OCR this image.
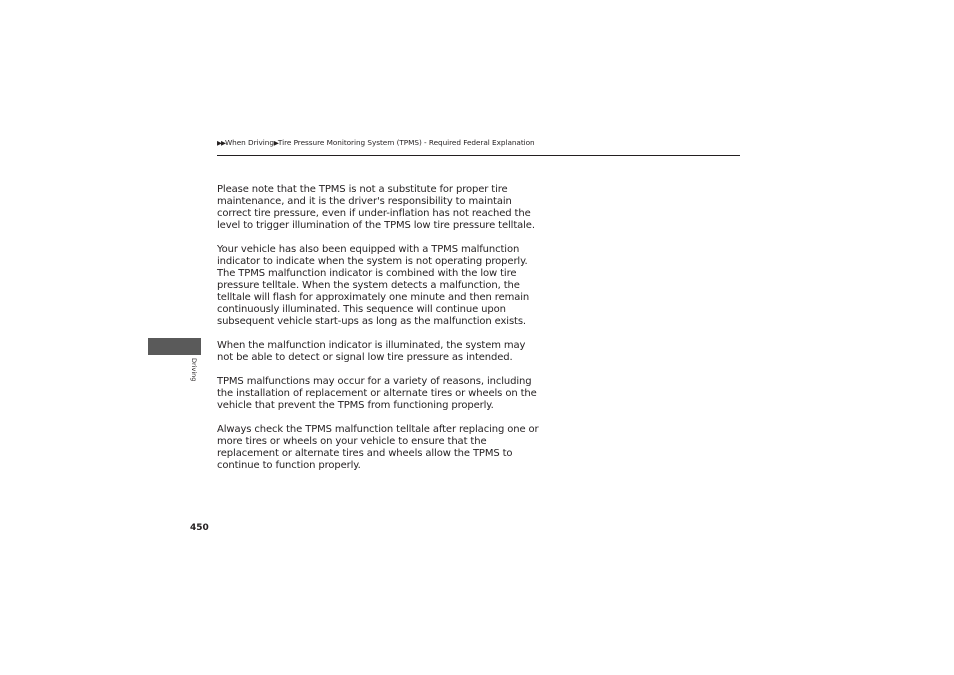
▶▶When Driving▶Tire Pressure Monitoring System (TPMS) - Required Federal Explanation
Driving

Please note that the TPMS is not a substitute for proper tire
maintenance, and it is the driver's responsibility to maintain
correct tire pressure, even if under-inflation has not reached the
level to trigger illumination of the TPMS low tire pressure telltale.

Your vehicle has also been equipped with a TPMS malfunction
indicator to indicate when the system is not operating properly.
The TPMS malfunction indicator is combined with the low tire
pressure telltale. When the system detects a malfunction, the
telltale will flash for approximately one minute and then remain
continuously illuminated. This sequence will continue upon
subsequent vehicle start-ups as long as the malfunction exists.

When the malfunction indicator is illuminated, the system may
not be able to detect or signal low tire pressure as intended.

TPMS malfunctions may occur for a variety of reasons, including
the installation of replacement or alternate tires or wheels on the
vehicle that prevent the TPMS from functioning properly.

Always check the TPMS malfunction telltale after replacing one or
more tires or wheels on your vehicle to ensure that the
replacement or alternate tires and wheels allow the TPMS to
continue to function properly.

450
